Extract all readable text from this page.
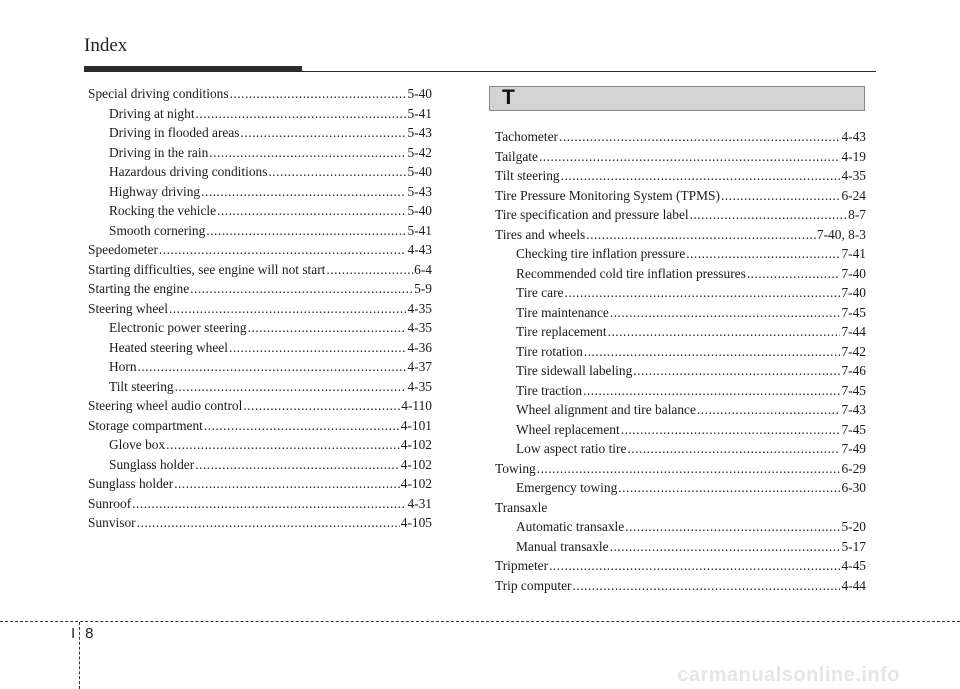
Index
Special driving conditions .....	5-40
Driving at night .....	5-41
Driving in flooded areas .....	5-43
Driving in the rain .....	5-42
Hazardous driving conditions .....	5-40
Highway driving .....	5-43
Rocking the vehicle .....	5-40
Smooth cornering .....	5-41
Speedometer .....	4-43
Starting difficulties, see engine will not start .....	6-4
Starting the engine .....	5-9
Steering wheel .....	4-35
Electronic power steering .....	4-35
Heated steering wheel .....	4-36
Horn .....	4-37
Tilt steering .....	4-35
Steering wheel audio control .....	4-110
Storage compartment .....	4-101
Glove box .....	4-102
Sunglass holder .....	4-102
Sunglass holder .....	4-102
Sunroof .....	4-31
Sunvisor .....	4-105
T
Tachometer .....	4-43
Tailgate .....	4-19
Tilt steering .....	4-35
Tire Pressure Monitoring System (TPMS) .....	6-24
Tire specification and pressure label .....	8-7
Tires and wheels .....	7-40, 8-3
Checking tire inflation pressure .....	7-41
Recommended cold tire inflation pressures .....	7-40
Tire care .....	7-40
Tire maintenance .....	7-45
Tire replacement .....	7-44
Tire rotation .....	7-42
Tire sidewall labeling .....	7-46
Tire traction .....	7-45
Wheel alignment and tire balance .....	7-43
Wheel replacement .....	7-45
Low aspect ratio tire .....	7-49
Towing .....	6-29
Emergency towing .....	6-30
Transaxle
Automatic transaxle .....	5-20
Manual transaxle .....	5-17
Tripmeter .....	4-45
Trip computer .....	4-44
I 8
carmanualsonline.info
